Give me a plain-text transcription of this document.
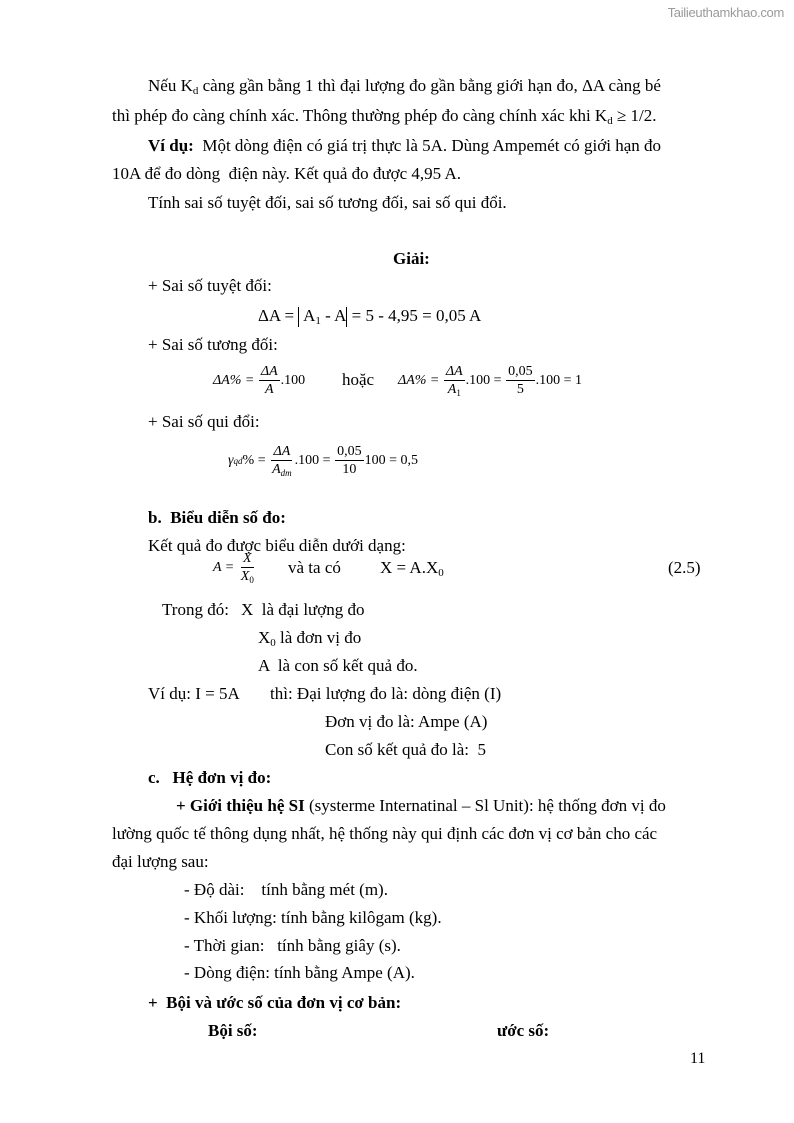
Tailieuthamkhao.com
Nếu $K_d$ càng gần bằng 1 thì đại lượng đo gần bằng giới hạn đo, ΔA càng bé
thì phép đo càng chính xác. Thông thường phép đo càng chính xác khi $K_d \ge 1/2$.
Ví dụ:  Một dòng điện có giá trị thực là 5A. Dùng Ampemét có giới hạn đo
10A để đo dòng  điện này. Kết quả đo được 4,95 A.
Tính sai số tuyệt đối, sai số tương đối, sai số qui đổi.
Giải:
+ Sai số tuyệt đối:
$\Delta A = A_1 - A = 5 - 4,95 = 0,05$ A
+ Sai số tương đối:
$\Delta A\% = \frac{\Delta A}{A} .100$ hoặc $\Delta A\% = \frac{\Delta A}{A_1} .100 = \frac{0,05}{5} .100 = 1$
+ Sai số qui đổi:
γ qd % = $\frac{\Delta A}{A_{dm}} .100 = \frac{0,05}{10} 100 = 0,5$
b.  Biểu diễn số đo:
Kết quả đo được biểu diễn dưới dạng:
$A = \frac{X}{X_0}$ và ta có $X = A.X_0$	(2.5)
Trong đó: X  là đại lượng đo
$X_0$ là đơn vị đo
A  là con số kết quả đo.
Ví dụ: I = 5A thì: Đại lượng đo là: dòng điện (I)
Đơn vị đo là: Ampe (A)
Con số kết quả đo là:  5
c.   Hệ đơn vị đo:
+ Giới thiệu hệ SI (systerme Internatinal – Sl Unit): hệ thống đơn vị đo
lường quốc tế thông dụng nhất, hệ thống này qui định các đơn vị cơ bản cho các
đại lượng sau:
- Độ dài:    tính bằng mét (m).
- Khối lượng: tính bằng kilôgam (kg).
- Thời gian:   tính bằng giây (s).
- Dòng điện: tính bằng Ampe (A).
+  Bội và ước số của đơn vị cơ bản:
Bội số:	ước số:
11
